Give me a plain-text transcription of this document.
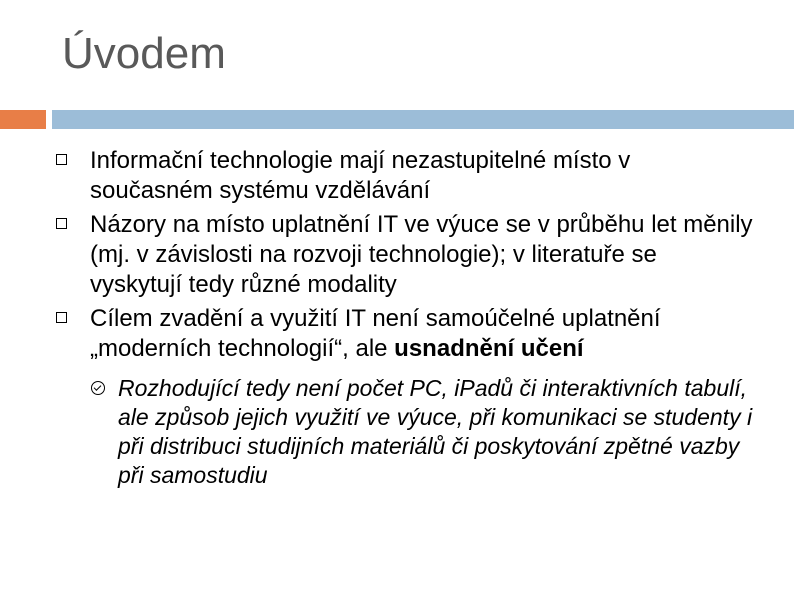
Úvodem
Informační technologie mají nezastupitelné místo v současném systému vzdělávání
Názory na místo uplatnění IT ve výuce se v průběhu let měnily (mj. v závislosti na rozvoji technologie); v literatuře se vyskytují tedy různé modality
Cílem zvadění a využití IT není samoúčelné uplatnění „moderních technologií“, ale usnadnění učení
Rozhodující tedy není počet PC, iPadů či interaktivních tabulí, ale způsob jejich využití ve výuce, při komunikaci se studenty i při distribuci studijních materiálů či poskytování zpětné vazby při samostudiu
